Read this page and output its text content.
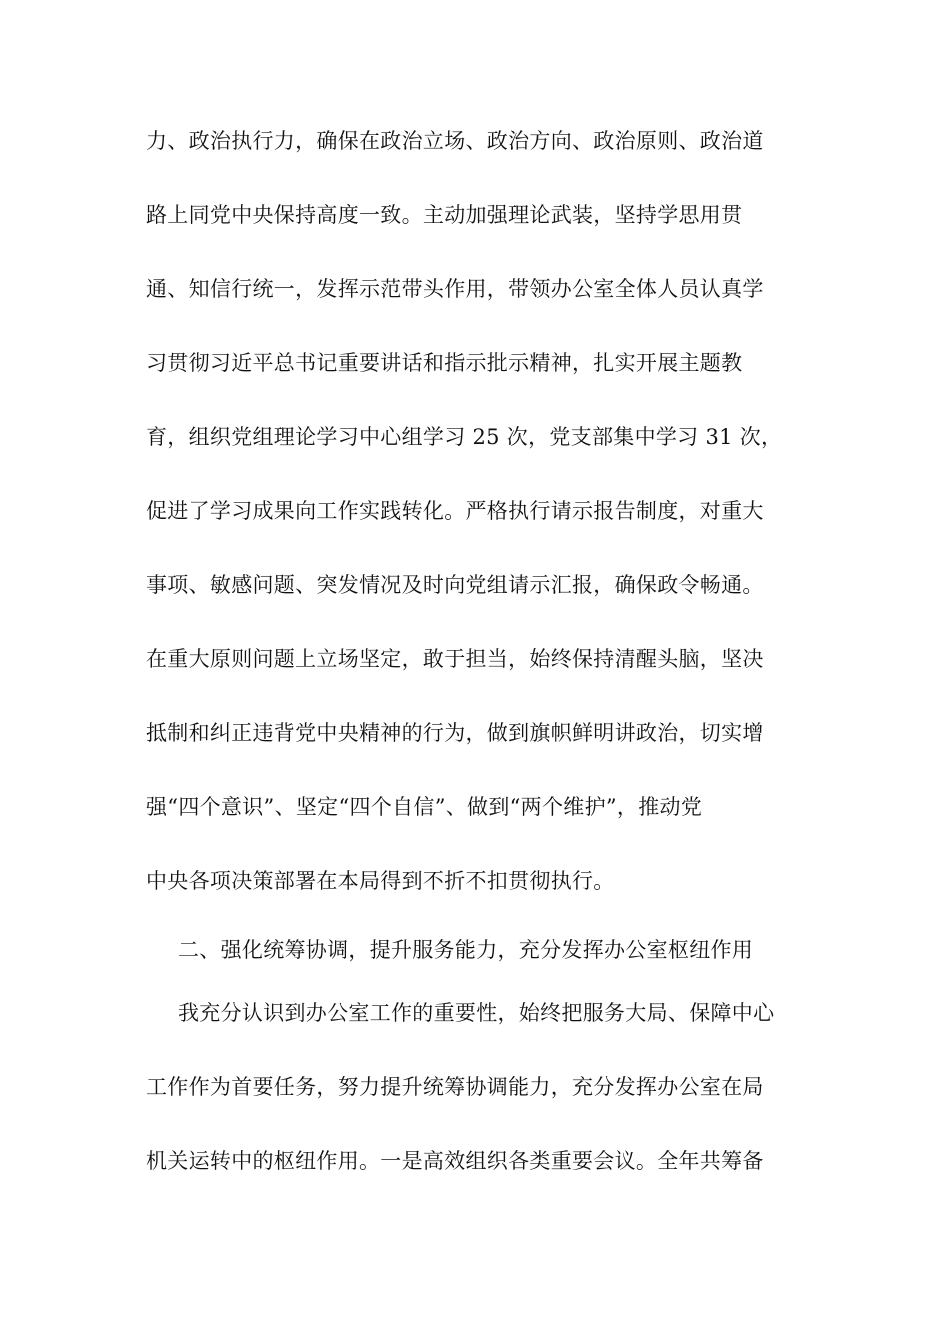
力、政治执行力，确保在政治立场、政治方向、政治原则、政治道
路上同党中央保持高度一致。主动加强理论武装，坚持学思用贯
通、知信行统一，发挥示范带头作用，带领办公室全体人员认真学
习贯彻习近平总书记重要讲话和指示批示精神，扎实开展主题教
育，组织党组理论学习中心组学习 25 次，党支部集中学习 31 次，
促进了学习成果向工作实践转化。严格执行请示报告制度，对重大
事项、敏感问题、突发情况及时向党组请示汇报，确保政令畅通。
在重大原则问题上立场坚定，敢于担当，始终保持清醒头脑，坚决
抵制和纠正违背党中央精神的行为，做到旗帜鲜明讲政治，切实增
强“四个意识”、坚定“四个自信”、做到“两个维护”，推动党
中央各项决策部署在本局得到不折不扣贯彻执行。
二、强化统筹协调，提升服务能力，充分发挥办公室枢纽作用
我充分认识到办公室工作的重要性，始终把服务大局、保障中心
工作作为首要任务，努力提升统筹协调能力，充分发挥办公室在局
机关运转中的枢纽作用。一是高效组织各类重要会议。全年共筹备
